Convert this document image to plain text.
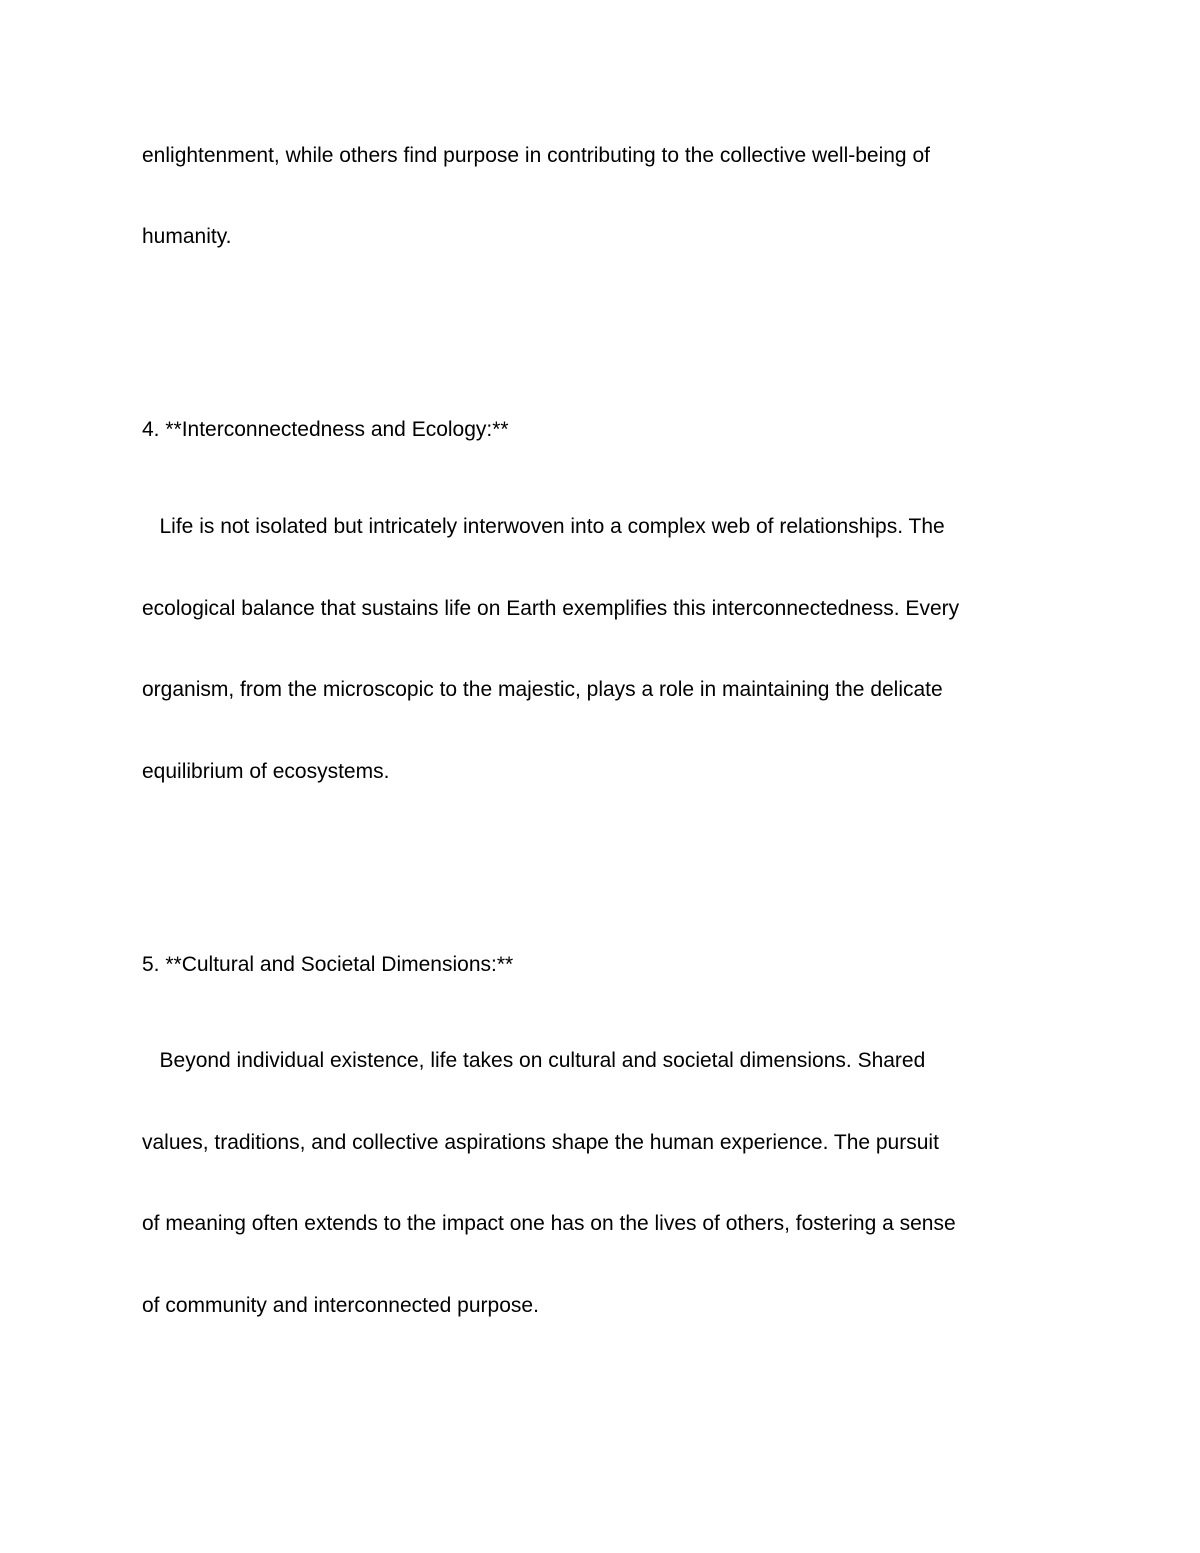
enlightenment, while others find purpose in contributing to the collective well-being of

humanity.

4. **Interconnectedness and Ecology:**

Life is not isolated but intricately interwoven into a complex web of relationships. The

ecological balance that sustains life on Earth exemplifies this interconnectedness. Every

organism, from the microscopic to the majestic, plays a role in maintaining the delicate

equilibrium of ecosystems.

5. **Cultural and Societal Dimensions:**

Beyond individual existence, life takes on cultural and societal dimensions. Shared

values, traditions, and collective aspirations shape the human experience. The pursuit

of meaning often extends to the impact one has on the lives of others, fostering a sense

of community and interconnected purpose.
